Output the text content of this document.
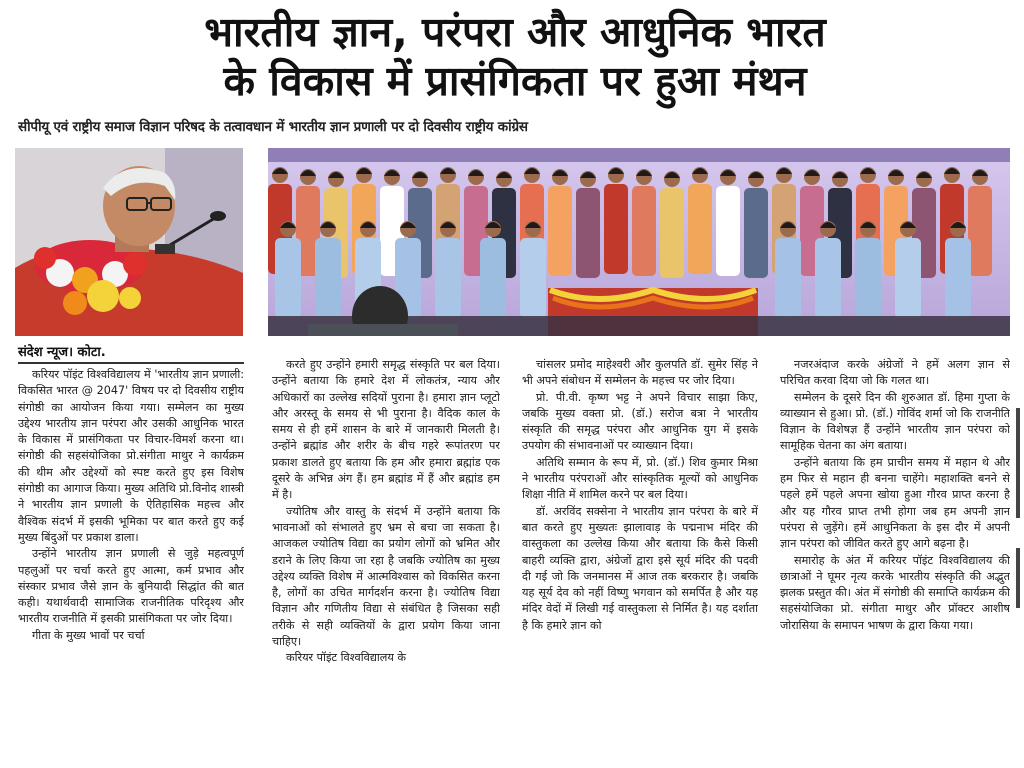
भारतीय ज्ञान, परंपरा और आधुनिक भारत
के विकास में प्रासंगिकता पर हुआ मंथन
सीपीयू एवं राष्ट्रीय समाज विज्ञान परिषद के तत्वावधान में भारतीय ज्ञान प्रणाली पर दो दिवसीय राष्ट्रीय कांग्रेस
संदेश न्यूज। कोटा.

करियर पॉइंट विश्वविद्यालय में 'भारतीय ज्ञान प्रणाली: विकसित भारत @ 2047' विषय पर दो दिवसीय राष्ट्रीय संगोष्ठी का आयोजन किया गया। सम्मेलन का मुख्य उद्देश्य भारतीय ज्ञान परंपरा और उसकी आधुनिक भारत के विकास में प्रासंगिकता पर विचार-विमर्श करना था। संगोष्ठी की सहसंयोजिका प्रो.संगीता माथुर ने कार्यक्रम की थीम और उद्देश्यों को स्पष्ट करते हुए इस विशेष संगोष्ठी का आगाज किया। मुख्य अतिथि प्रो.विनोद शास्त्री ने भारतीय ज्ञान प्रणाली के ऐतिहासिक महत्त्व और वैश्विक संदर्भ में इसकी भूमिका पर बात करते हुए कई मुख्य बिंदुओं पर प्रकाश डाला।

उन्होंने भारतीय ज्ञान प्रणाली से जुड़े महत्वपूर्ण पहलुओं पर चर्चा करते हुए आत्मा, कर्म प्रभाव और संस्कार प्रभाव जैसे ज्ञान के बुनियादी सिद्धांत की बात कही। यथार्थवादी सामाजिक राजनीतिक परिदृश्य और भारतीय राजनीति में इसकी प्रासंगिकता पर जोर दिया।

गीता के मुख्य भावों पर चर्चा

करते हुए उन्होंने हमारी समृद्ध संस्कृति पर बल दिया। उन्होंने बताया कि हमारे देश में लोकतंत्र, न्याय और अधिकारों का उल्लेख सदियों पुराना है। हमारा ज्ञान प्लूटो और अरस्तू के समय से भी पुराना है। वैदिक काल के समय से ही हमें शासन के बारे में जानकारी मिलती है। उन्होंने ब्रह्मांड और शरीर के बीच गहरे रूपांतरण पर प्रकाश डालते हुए बताया कि हम और हमारा ब्रह्मांड एक दूसरे के अभिन्न अंग हैं। हम ब्रह्मांड में हैं और ब्रह्मांड हम में है।

ज्योतिष और वास्तु के संदर्भ में उन्होंने बताया कि भावनाओं को संभालते हुए भ्रम से बचा जा सकता है। आजकल ज्योतिष विद्या का प्रयोग लोगों को भ्रमित और डराने के लिए किया जा रहा है जबकि ज्योतिष का मुख्य उद्देश्य व्यक्ति विशेष में आत्मविश्वास को विकसित करना है, लोगों का उचित मार्गदर्शन करना है। ज्योतिष विद्या विज्ञान और गणितीय विद्या से संबंधित है जिसका सही तरीके से सही व्यक्तियों के द्वारा प्रयोग किया जाना चाहिए।

करियर पॉइंट विश्वविद्यालय के

चांसलर प्रमोद माहेश्वरी और कुलपति डॉ. सुमेर सिंह ने भी अपने संबोधन में सम्मेलन के महत्त्व पर जोर दिया।

प्रो. पी.वी. कृष्ण भट्ट ने अपने विचार साझा किए, जबकि मुख्य वक्ता प्रो. (डॉ.) सरोज बत्रा ने भारतीय संस्कृति की समृद्ध परंपरा और आधुनिक युग में इसके उपयोग की संभावनाओं पर व्याख्यान दिया।

अतिथि सम्मान के रूप में, प्रो. (डॉ.) शिव कुमार मिश्रा ने भारतीय परंपराओं और सांस्कृतिक मूल्यों को आधुनिक शिक्षा नीति में शामिल करने पर बल दिया।

डॉ. अरविंद सक्सेना ने भारतीय ज्ञान परंपरा के बारे में बात करते हुए मुख्यतः झालावाड़ के पद्मनाभ मंदिर की वास्तुकला का उल्लेख किया और बताया कि कैसे किसी बाहरी व्यक्ति द्वारा, अंग्रेजों द्वारा इसे सूर्य मंदिर की पदवी दी गई जो कि जनमानस में आज तक बरकरार है। जबकि यह सूर्य देव को नहीं विष्णु भगवान को समर्पित है और यह मंदिर वेदों में लिखी गई वास्तुकला से निर्मित है। यह दर्शाता है कि हमारे ज्ञान को

नजरअंदाज करके अंग्रेजों ने हमें अलग ज्ञान से परिचित करवा दिया जो कि गलत था।

सम्मेलन के दूसरे दिन की शुरुआत डॉ. हिमा गुप्ता के व्याख्यान से हुआ। प्रो. (डॉ.) गोविंद शर्मा जो कि राजनीति विज्ञान के विशेषज्ञ हैं उन्होंने भारतीय ज्ञान परंपरा को सामूहिक चेतना का अंग बताया।

उन्होंने बताया कि हम प्राचीन समय में महान थे और हम फिर से महान ही बनना चाहेंगे। महाशक्ति बनने से पहले हमें पहले अपना खोया हुआ गौरव प्राप्त करना है और यह गौरव प्राप्त तभी होगा जब हम अपनी ज्ञान परंपरा से जुड़ेंगे। हमें आधुनिकता के इस दौर में अपनी ज्ञान परंपरा को जीवित करते हुए आगे बढ़ना है।

समारोह के अंत में करियर पॉइंट विश्वविद्यालय की छात्राओं ने घूमर नृत्य करके भारतीय संस्कृति की अद्भुत झलक प्रस्तुत की। अंत में संगोष्ठी की समाप्ति कार्यक्रम की सहसंयोजिका प्रो. संगीता माथुर और प्रॉक्टर आशीष जोरासिया के समापन भाषण के द्वारा किया गया।
